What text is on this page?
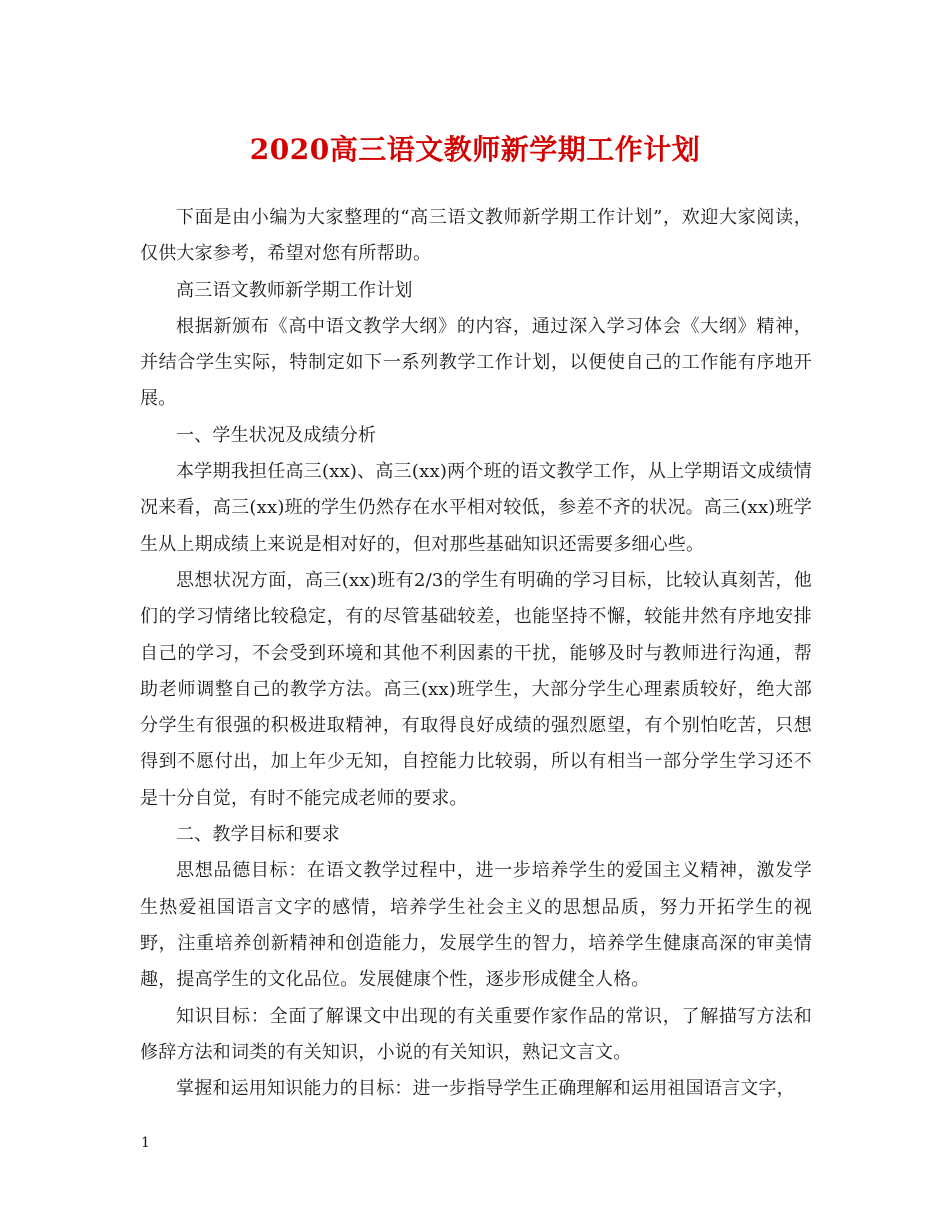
2020高三语文教师新学期工作计划

下面是由小编为大家整理的“高三语文教师新学期工作计划”，欢迎大家阅读，仅供大家参考，希望对您有所帮助。

高三语文教师新学期工作计划

根据新颁布《高中语文教学大纲》的内容，通过深入学习体会《大纲》精神，并结合学生实际，特制定如下一系列教学工作计划，以便使自己的工作能有序地开展。

一、学生状况及成绩分析

本学期我担任高三(xx)、高三(xx)两个班的语文教学工作，从上学期语文成绩情况来看，高三(xx)班的学生仍然存在水平相对较低，参差不齐的状况。高三(xx)班学生从上期成绩上来说是相对好的，但对那些基础知识还需要多细心些。

思想状况方面，高三(xx)班有2/3的学生有明确的学习目标，比较认真刻苦，他们的学习情绪比较稳定，有的尽管基础较差，也能坚持不懈，较能井然有序地安排自己的学习，不会受到环境和其他不利因素的干扰，能够及时与教师进行沟通，帮助老师调整自己的教学方法。高三(xx)班学生，大部分学生心理素质较好，绝大部分学生有很强的积极进取精神，有取得良好成绩的强烈愿望，有个别怕吃苦，只想得到不愿付出，加上年少无知，自控能力比较弱，所以有相当一部分学生学习还不是十分自觉，有时不能完成老师的要求。

二、教学目标和要求

思想品德目标：在语文教学过程中，进一步培养学生的爱国主义精神，激发学生热爱祖国语言文字的感情，培养学生社会主义的思想品质，努力开拓学生的视野，注重培养创新精神和创造能力，发展学生的智力，培养学生健康高深的审美情趣，提高学生的文化品位。发展健康个性，逐步形成健全人格。

知识目标：全面了解课文中出现的有关重要作家作品的常识，了解描写方法和修辞方法和词类的有关知识，小说的有关知识，熟记文言文。

掌握和运用知识能力的目标：进一步指导学生正确理解和运用祖国语言文字，

1
